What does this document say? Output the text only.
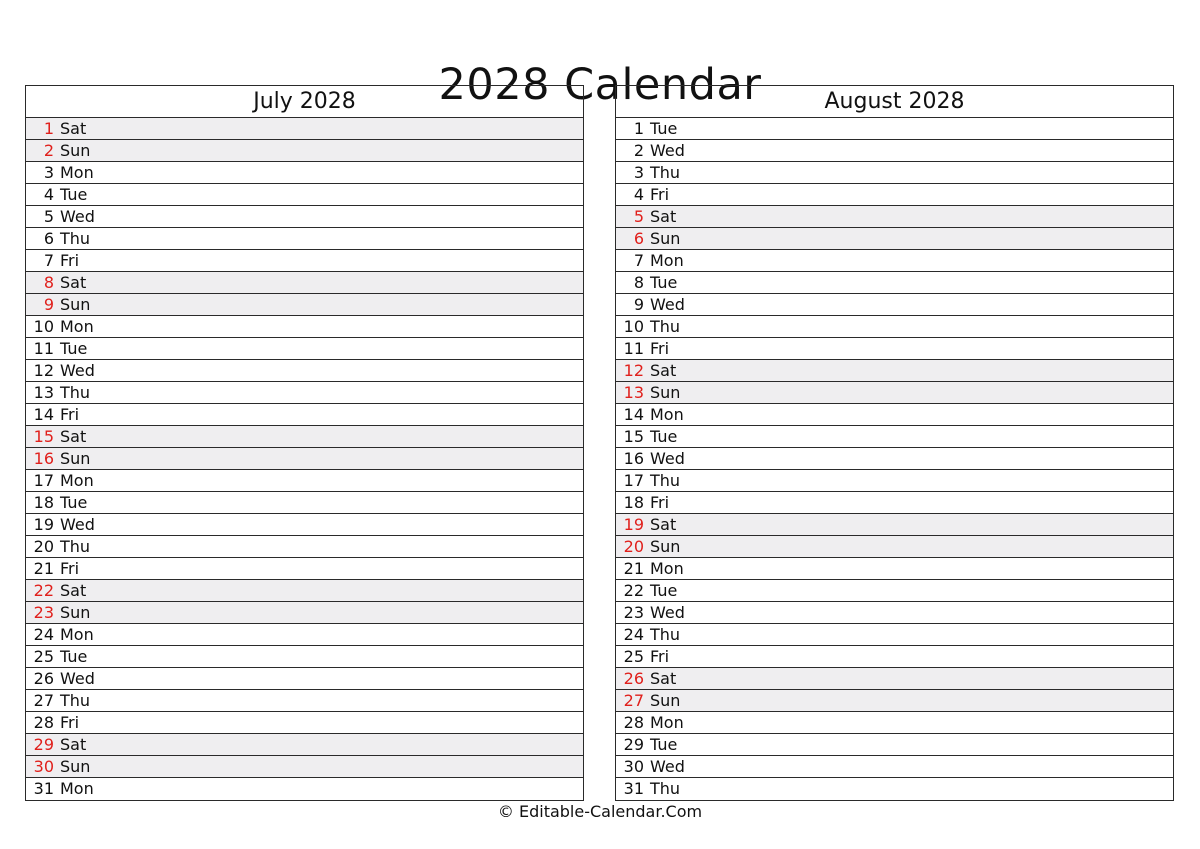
2028 Calendar
July 2028
1 Sat
2 Sun
3 Mon
4 Tue
5 Wed
6 Thu
7 Fri
8 Sat
9 Sun
10 Mon
11 Tue
12 Wed
13 Thu
14 Fri
15 Sat
16 Sun
17 Mon
18 Tue
19 Wed
20 Thu
21 Fri
22 Sat
23 Sun
24 Mon
25 Tue
26 Wed
27 Thu
28 Fri
29 Sat
30 Sun
31 Mon
August 2028
1 Tue
2 Wed
3 Thu
4 Fri
5 Sat
6 Sun
7 Mon
8 Tue
9 Wed
10 Thu
11 Fri
12 Sat
13 Sun
14 Mon
15 Tue
16 Wed
17 Thu
18 Fri
19 Sat
20 Sun
21 Mon
22 Tue
23 Wed
24 Thu
25 Fri
26 Sat
27 Sun
28 Mon
29 Tue
30 Wed
31 Thu
© Editable-Calendar.Com
